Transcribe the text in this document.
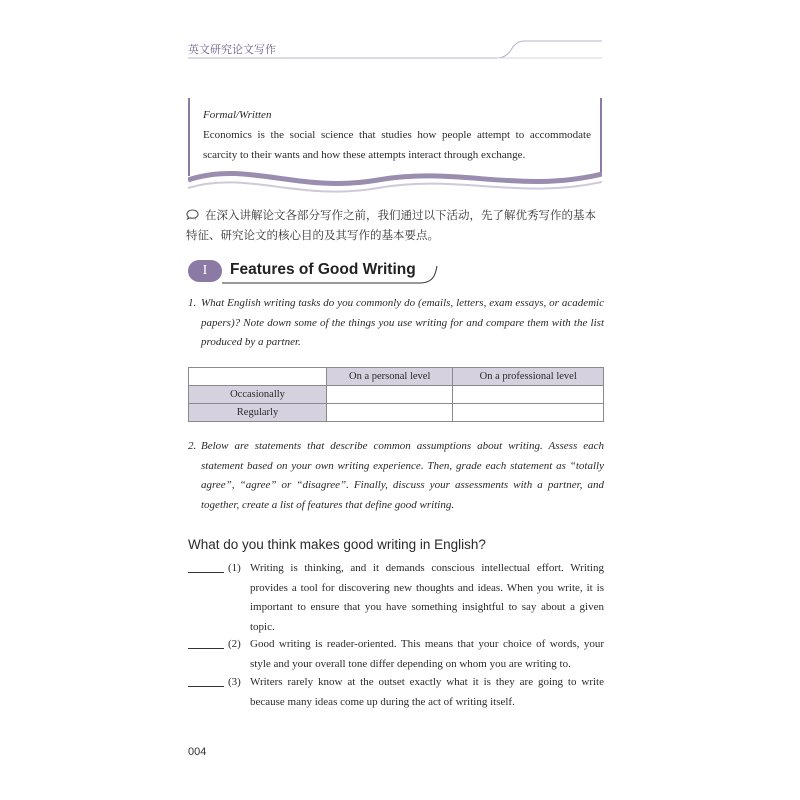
英文研究论文写作
Formal/Written
Economics is the social science that studies how people attempt to accommodate scarcity to their wants and how these attempts interact through exchange.
在深入讲解论文各部分写作之前，我们通过以下活动，先了解优秀写作的基本特征、研究论文的核心目的及其写作的基本要点。
I	Features of Good Writing
1. What English writing tasks do you commonly do (emails, letters, exam essays, or academic papers)? Note down some of the things you use writing for and compare them with the list produced by a partner.
	On a personal level	On a professional level
Occasionally		
Regularly		
2. Below are statements that describe common assumptions about writing. Assess each statement based on your own writing experience. Then, grade each statement as “totally agree”, “agree” or “disagree”. Finally, discuss your assessments with a partner, and together, create a list of features that define good writing.
What do you think makes good writing in English?
(1) Writing is thinking, and it demands conscious intellectual effort. Writing provides a tool for discovering new thoughts and ideas. When you write, it is important to ensure that you have something insightful to say about a given topic.
(2) Good writing is reader-oriented. This means that your choice of words, your style and your overall tone differ depending on whom you are writing to.
(3) Writers rarely know at the outset exactly what it is they are going to write because many ideas come up during the act of writing itself.
004
